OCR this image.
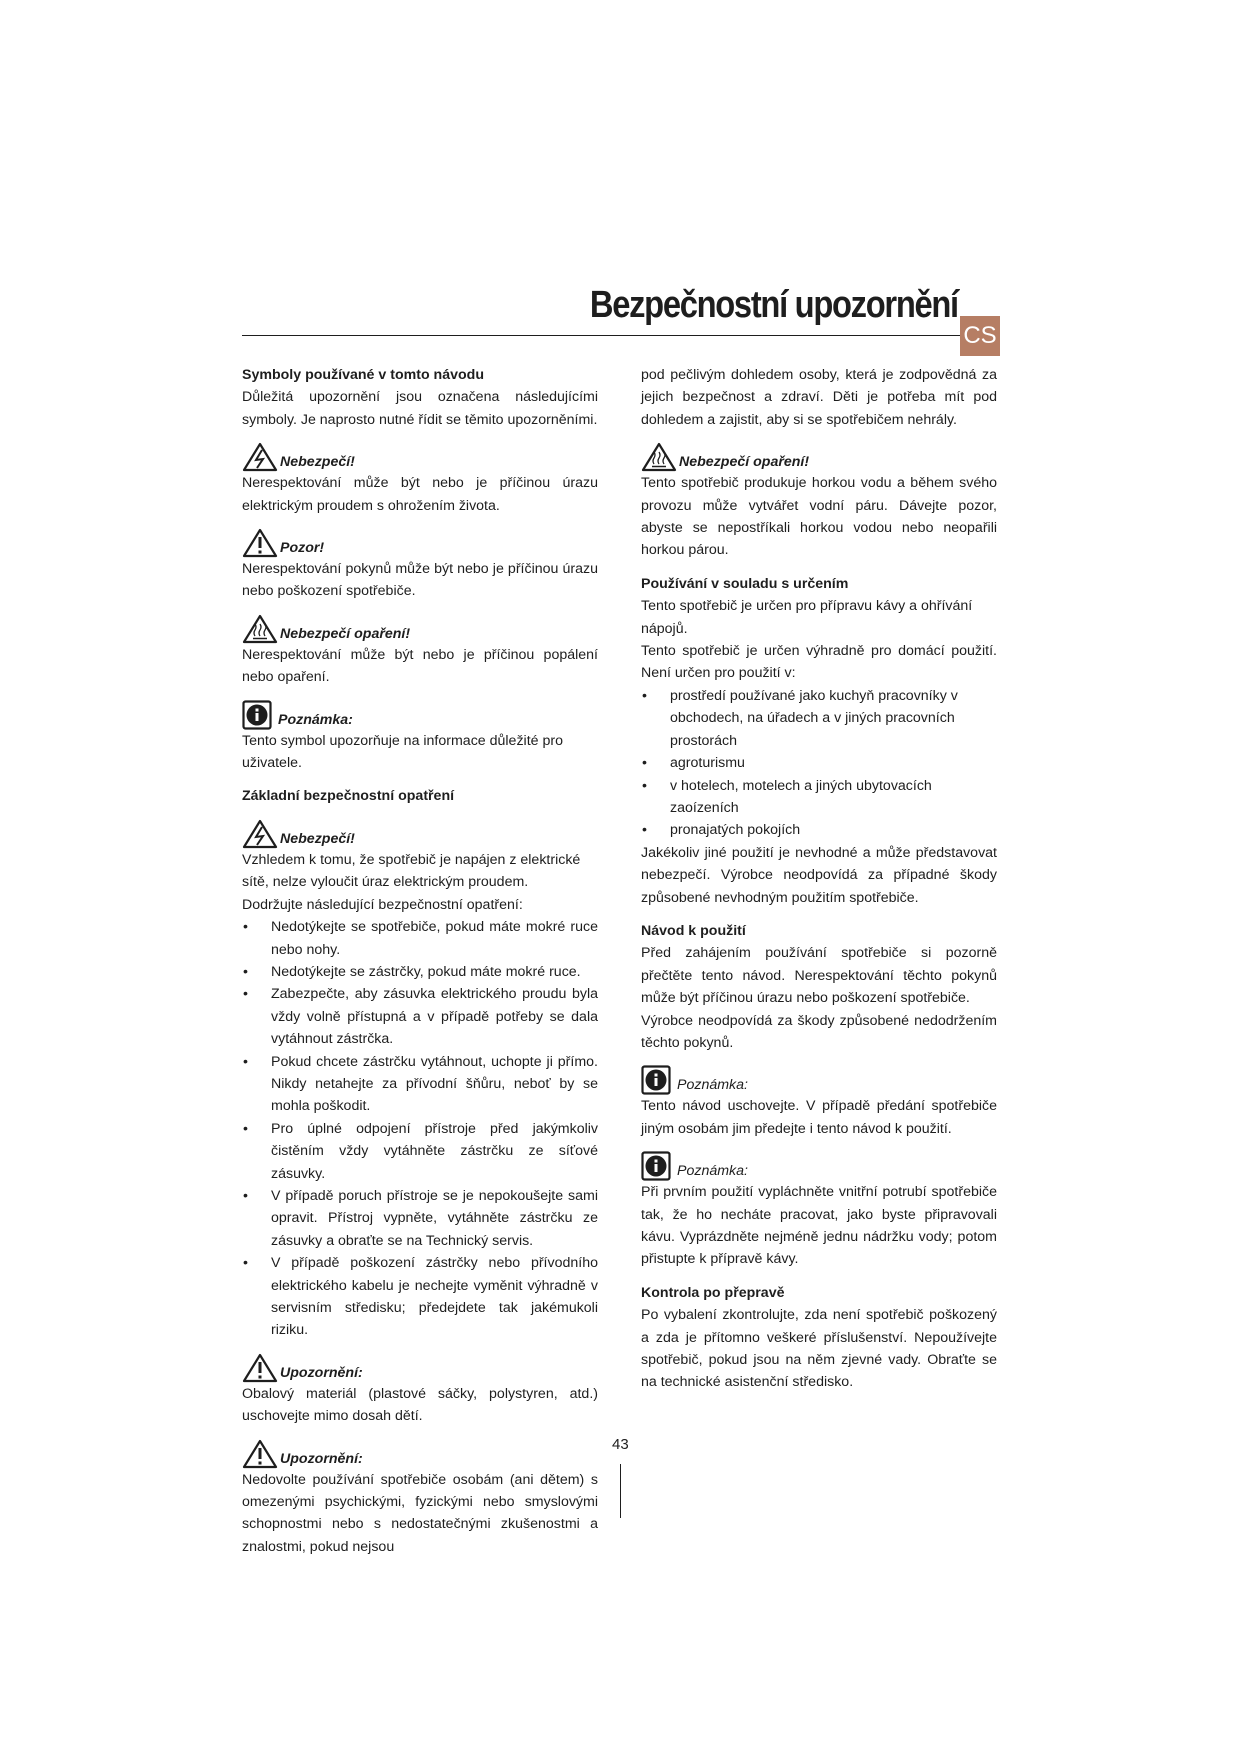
Bezpečnostní upozornění
CS

Symboly používané v tomto návodu

Důležitá upozornění jsou označena následujícími symboly. Je naprosto nutné řídit se těmito upozorněními.

Nebezpečí!

Nerespektování může být nebo je příčinou úrazu elektrickým proudem s ohrožením života.

Pozor!

Nerespektování pokynů může být nebo je příčinou úrazu nebo poškození spotřebiče.

Nebezpečí opaření!

Nerespektování může být nebo je příčinou popálení nebo opaření.

Poznámka:

Tento symbol upozorňuje na informace důležité pro uživatele.

Základní bezpečnostní opatření

Nebezpečí!

Vzhledem k tomu, že spotřebič je napájen z elektrické sítě, nelze vyloučit úraz elektrickým proudem.

Dodržujte následující bezpečnostní opatření:

• Nedotýkejte se spotřebiče, pokud máte mokré ruce nebo nohy.
• Nedotýkejte se zástrčky, pokud máte mokré ruce.
• Zabezpečte, aby zásuvka elektrického proudu byla vždy volně přístupná a v případě potřeby se dala vytáhnout zástrčka.
• Pokud chcete zástrčku vytáhnout, uchopte ji přímo. Nikdy netahejte za přívodní šňůru, neboť by se mohla poškodit.
• Pro úplné odpojení přístroje před jakýmkoliv čistěním vždy vytáhněte zástrčku ze síťové zásuvky.
• V případě poruch přístroje se je nepokoušejte sami opravit. Přístroj vypněte, vytáhněte zástrčku ze zásuvky a obraťte se na Technický servis.
• V případě poškození zástrčky nebo přívodního elektrického kabelu je nechejte vyměnit výhradně v servisním středisku; předejdete tak jakémukoli riziku.
Upozornění:

Obalový materiál (plastové sáčky, polystyren, atd.) uschovejte mimo dosah dětí.

Upozornění:

Nedovolte používání spotřebiče osobám (ani dětem) s omezenými psychickými, fyzickými nebo smyslovými schopnostmi nebo s nedostatečnými zkušenostmi a znalostmi, pokud nejsou

pod pečlivým dohledem osoby, která je zodpovědná za jejich bezpečnost a zdraví. Děti je potřeba mít pod dohledem a zajistit, aby si se spotřebičem nehrály.

Nebezpečí opaření!

Tento spotřebič produkuje horkou vodu a během svého provozu může vytvářet vodní páru. Dávejte pozor, abyste se nepostříkali horkou vodou nebo neopařili horkou párou.

Používání v souladu s určením

Tento spotřebič je určen pro přípravu kávy a ohřívání nápojů.

Tento spotřebič je určen výhradně pro domácí použití. Není určen pro použití v:

• prostředí používané jako kuchyň pracovníky v obchodech, na úřadech a v jiných pracovních prostorách
• agroturismu
• v hotelech, motelech a jiných ubytovacích zaoízeních
• pronajatých pokojích

Jakékoliv jiné použití je nevhodné a může představovat nebezpečí. Výrobce neodpovídá za případné škody způsobené nevhodným použitím spotřebiče.

Návod k použití

Před zahájením používání spotřebiče si pozorně přečtěte tento návod. Nerespektování těchto pokynů může být příčinou úrazu nebo poškození spotřebiče.

Výrobce neodpovídá za škody způsobené nedodržením těchto pokynů.

Poznámka:

Tento návod uschovejte. V případě předání spotřebiče jiným osobám jim předejte i tento návod k použití.

Poznámka:

Při prvním použití vypláchněte vnitřní potrubí spotřebiče tak, že ho necháte pracovat, jako byste připravovali kávu. Vyprázdněte nejméně jednu nádržku vody; potom přistupte k přípravě kávy.

Kontrola po přepravě

Po vybalení zkontrolujte, zda není spotřebič poškozený a zda je přítomno veškeré příslušenství. Nepoužívejte spotřebič, pokud jsou na něm zjevné vady. Obraťte se na technické asistenční středisko.

43
